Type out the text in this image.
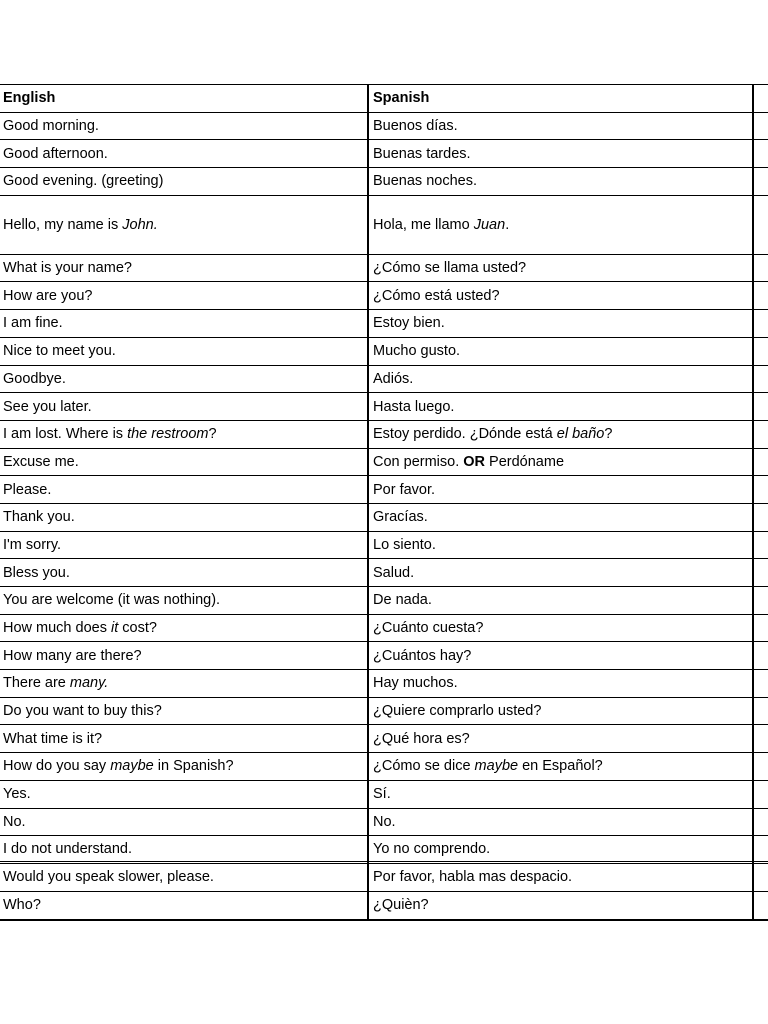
English	Spanish
Good morning.	Buenos días.
Good afternoon.	Buenas tardes.
Good evening. (greeting)	Buenas noches.
Hello, my name is John.	Hola, me llamo Juan .
What is your name?	¿Cómo se llama usted?
How are you?	¿Cómo está usted?
I am fine.	Estoy bien.
Nice to meet you.	Mucho gusto.
Goodbye.	Adiós.
See you later.	Hasta luego.
I am lost. Where is the restroom ?	Estoy perdido. ¿Dónde está el baño ?
Excuse me.	Con permiso. OR Perdóname
Please.	Por favor.
Thank you.	Gracías.
I'm sorry.	Lo siento.
Bless you.	Salud.
You are welcome (it was nothing).	De nada.
How much does it cost?	¿Cuánto cuesta?
How many are there?	¿Cuántos hay?
There are many.	Hay muchos.
Do you want to buy this?	¿Quiere comprarlo usted?
What time is it?	¿Qué hora es?
How do you say maybe in Spanish?	¿Cómo se dice maybe en Español?
Yes.	Sí.
No.	No.
I do not understand.	Yo no comprendo.
Would you speak slower, please.	Por favor, habla mas despacio.
Who?	¿Quièn?
